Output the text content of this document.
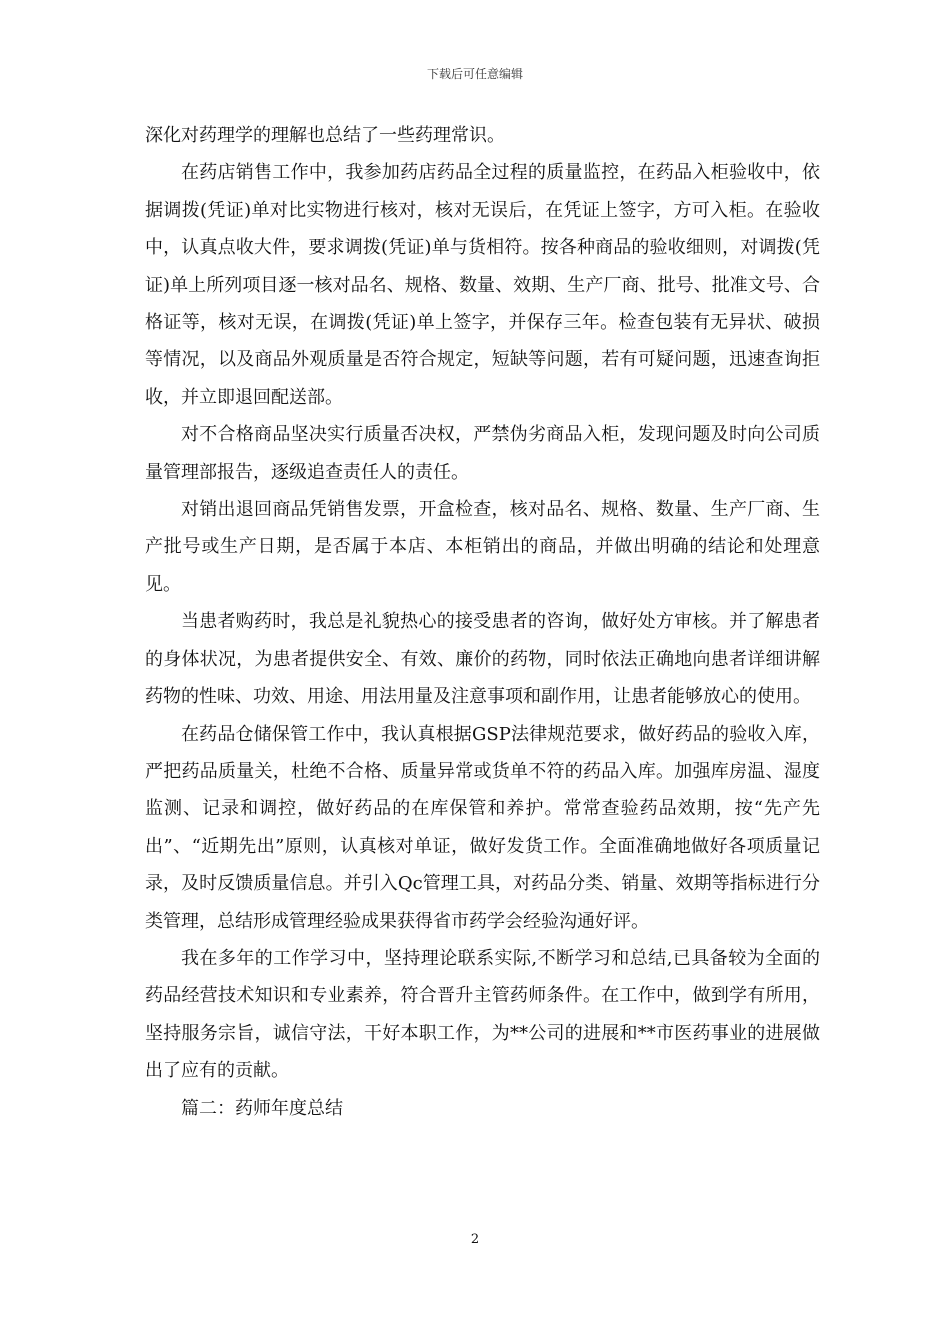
下载后可任意编辑

深化对药理学的理解也总结了一些药理常识。

在药店销售工作中，我参加药店药品全过程的质量监控，在药品入柜验收中，依据调拨(凭证)单对比实物进行核对，核对无误后，在凭证上签字，方可入柜。在验收中，认真点收大件，要求调拨(凭证)单与货相符。按各种商品的验收细则，对调拨(凭证)单上所列项目逐一核对品名、规格、数量、效期、生产厂商、批号、批准文号、合格证等，核对无误，在调拨(凭证)单上签字，并保存三年。检查包装有无异状、破损等情况，以及商品外观质量是否符合规定，短缺等问题，若有可疑问题，迅速查询拒收，并立即退回配送部。

对不合格商品坚决实行质量否决权，严禁伪劣商品入柜，发现问题及时向公司质量管理部报告，逐级追查责任人的责任。

对销出退回商品凭销售发票，开盒检查，核对品名、规格、数量、生产厂商、生产批号或生产日期，是否属于本店、本柜销出的商品，并做出明确的结论和处理意见。

当患者购药时，我总是礼貌热心的接受患者的咨询，做好处方审核。并了解患者的身体状况，为患者提供安全、有效、廉价的药物，同时依法正确地向患者详细讲解药物的性味、功效、用途、用法用量及注意事项和副作用，让患者能够放心的使用。

在药品仓储保管工作中，我认真根据GSP法律规范要求，做好药品的验收入库，严把药品质量关，杜绝不合格、质量异常或货单不符的药品入库。加强库房温、湿度监测、记录和调控，做好药品的在库保管和养护。常常查验药品效期，按“先产先出”、“近期先出”原则，认真核对单证，做好发货工作。全面准确地做好各项质量记录，及时反馈质量信息。并引入Qc管理工具，对药品分类、销量、效期等指标进行分类管理，总结形成管理经验成果获得省市药学会经验沟通好评。

我在多年的工作学习中，坚持理论联系实际,不断学习和总结,已具备较为全面的药品经营技术知识和专业素养，符合晋升主管药师条件。在工作中，做到学有所用，坚持服务宗旨，诚信守法，干好本职工作，为**公司的进展和**市医药事业的进展做出了应有的贡献。

篇二：药师年度总结

2
